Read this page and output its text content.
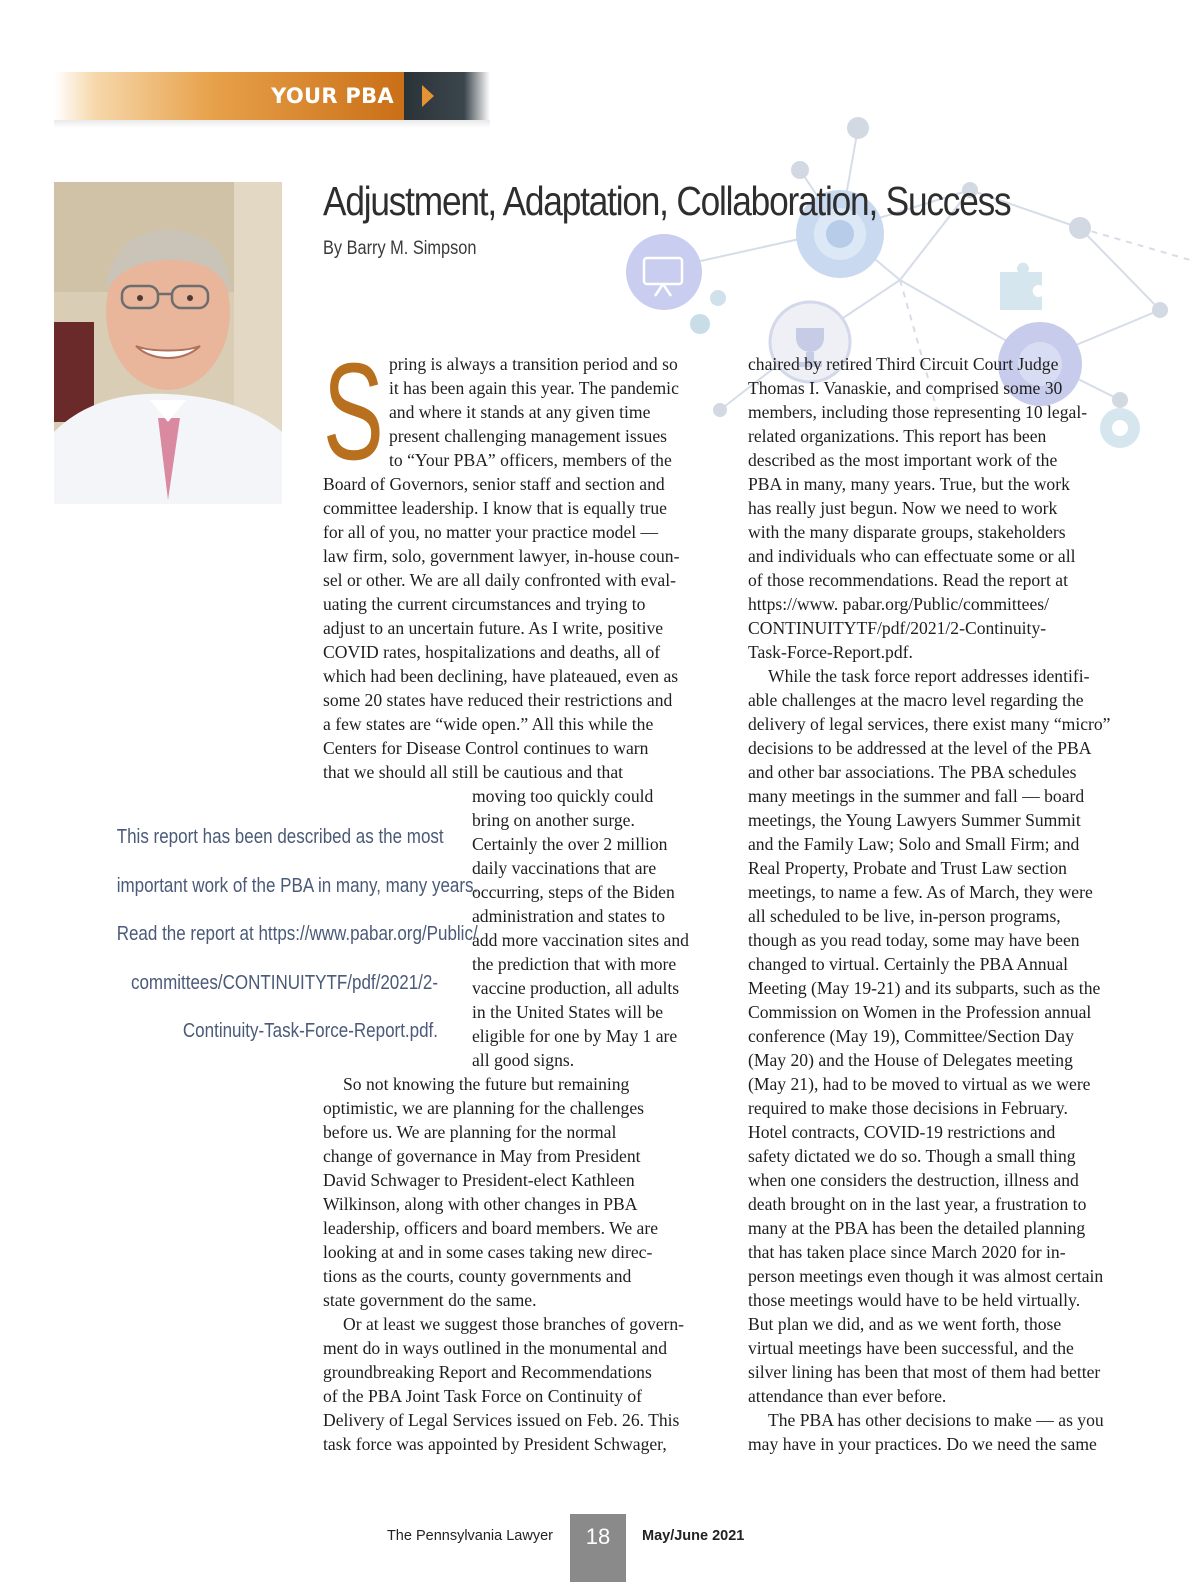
YOUR PBA
Adjustment, Adaptation, Collaboration, Success
By Barry M. Simpson
S pring is always a transition period and so
it has been again this year. The pandemic
and where it stands at any given time
present challenging management issues
to “Your PBA” officers, members of the
Board of Governors, senior staff and section and
committee leadership. I know that is equally true
for all of you, no matter your practice model —
law firm, solo, government lawyer, in-house coun-
sel or other. We are all daily confronted with eval-
uating the current circumstances and trying to
adjust to an uncertain future. As I write, positive
COVID rates, hospitalizations and deaths, all of
which had been declining, have plateaued, even as
some 20 states have reduced their restrictions and
a few states are “wide open.” All this while the
Centers for Disease Control continues to warn
that we should all still be cautious and that
moving too quickly could
bring on another surge.
Certainly the over 2 million
daily vaccinations that are
occurring, steps of the Biden
administration and states to
add more vaccination sites and
the prediction that with more
vaccine production, all adults
in the United States will be
eligible for one by May 1 are
all good signs.
So not knowing the future but remaining
optimistic, we are planning for the challenges
before us. We are planning for the normal
change of governance in May from President
David Schwager to President-elect Kathleen
Wilkinson, along with other changes in PBA
leadership, officers and board members. We are
looking at and in some cases taking new direc-
tions as the courts, county governments and
state government do the same.
Or at least we suggest those branches of govern-
ment do in ways outlined in the monumental and
groundbreaking Report and Recommendations
of the PBA Joint Task Force on Continuity of
Delivery of Legal Services issued on Feb. 26. This
task force was appointed by President Schwager,
chaired by retired Third Circuit Court Judge
Thomas I. Vanaskie, and comprised some 30
members, including those representing 10 legal-
related organizations. This report has been
described as the most important work of the
PBA in many, many years. True, but the work
has really just begun. Now we need to work
with the many disparate groups, stakeholders
and individuals who can effectuate some or all
of those recommendations. Read the report at
https://www. pabar.org/Public/committees/
CONTINUITYTF/pdf/2021/2-Continuity-
Task-Force-Report.pdf.
While the task force report addresses identifi-
able challenges at the macro level regarding the
delivery of legal services, there exist many “micro”
decisions to be addressed at the level of the PBA
and other bar associations. The PBA schedules
many meetings in the summer and fall — board
meetings, the Young Lawyers Summer Summit
and the Family Law; Solo and Small Firm; and
Real Property, Probate and Trust Law section
meetings, to name a few. As of March, they were
all scheduled to be live, in-person programs,
though as you read today, some may have been
changed to virtual. Certainly the PBA Annual
Meeting (May 19-21) and its subparts, such as the
Commission on Women in the Profession annual
conference (May 19), Committee/Section Day
(May 20) and the House of Delegates meeting
(May 21), had to be moved to virtual as we were
required to make those decisions in February.
Hotel contracts, COVID-19 restrictions and
safety dictated we do so. Though a small thing
when one considers the destruction, illness and
death brought on in the last year, a frustration to
many at the PBA has been the detailed planning
that has taken place since March 2020 for in-
person meetings even though it was almost certain
those meetings would have to be held virtually.
But plan we did, and as we went forth, those
virtual meetings have been successful, and the
silver lining has been that most of them had better
attendance than ever before.
The PBA has other decisions to make — as you
may have in your practices. Do we need the same
This report has been described as the most
important work of the PBA in many, many years.
Read the report at https://www.pabar.org/Public/
committees/CONTINUITYTF/pdf/2021/2-
Continuity-Task-Force-Report.pdf.
The Pennsylvania Lawyer	18	May/June 2021
